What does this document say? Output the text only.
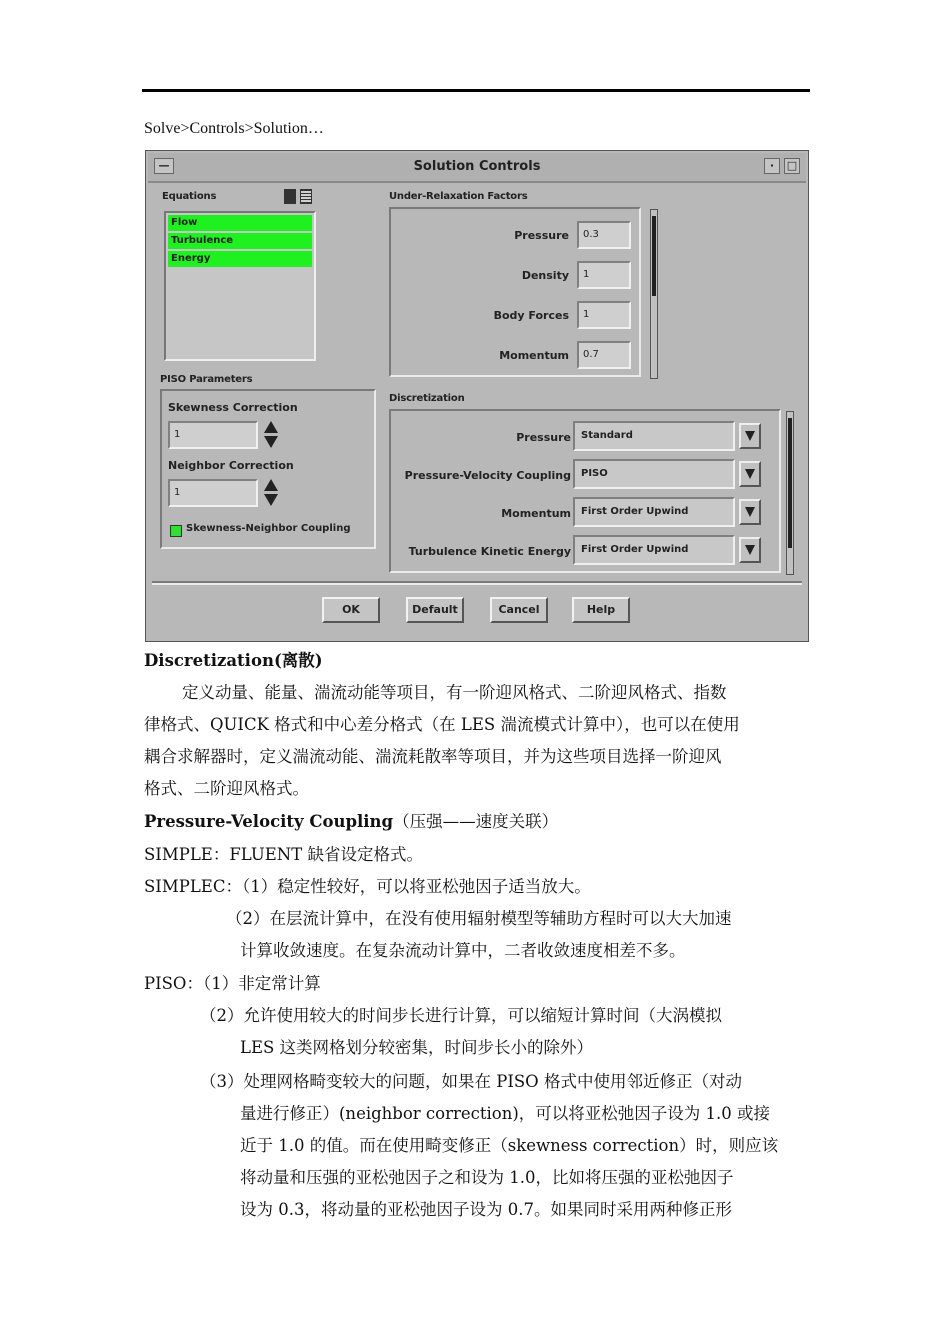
Solve>Controls>Solution…
—	Solution Controls	·	□
Equations
Flow
Turbulence
Energy
PISO Parameters
Skewness Correction
1
Neighbor Correction
1
Skewness-Neighbor Coupling
Under-Relaxation Factors
Pressure	0.3
Density	1
Body Forces	1
Momentum	0.7
Discretization
Pressure	Standard
Pressure-Velocity Coupling	PISO
Momentum	First Order Upwind
Turbulence Kinetic Energy	First Order Upwind
OK	Default	Cancel	Help
Discretization(离散)
定义动量、能量、湍流动能等项目，有一阶迎风格式、二阶迎风格式、指数
律格式、QUICK 格式和中心差分格式（在 LES 湍流模式计算中），也可以在使用
耦合求解器时，定义湍流动能、湍流耗散率等项目，并为这些项目选择一阶迎风
格式、二阶迎风格式。
Pressure-Velocity Coupling（压强——速度关联）
SIMPLE：FLUENT 缺省设定格式。
SIMPLEC：（1）稳定性较好，可以将亚松弛因子适当放大。
（2）在层流计算中，在没有使用辐射模型等辅助方程时可以大大加速
计算收敛速度。在复杂流动计算中，二者收敛速度相差不多。
PISO：（1）非定常计算
（2）允许使用较大的时间步长进行计算，可以缩短计算时间（大涡模拟
LES 这类网格划分较密集，时间步长小的除外）
（3）处理网格畸变较大的问题，如果在 PISO 格式中使用邻近修正（对动
量进行修正）(neighbor correction)，可以将亚松弛因子设为 1.0 或接
近于 1.0 的值。而在使用畸变修正（skewness correction）时，则应该
将动量和压强的亚松弛因子之和设为 1.0，比如将压强的亚松弛因子
设为 0.3，将动量的亚松弛因子设为 0.7。如果同时采用两种修正形
